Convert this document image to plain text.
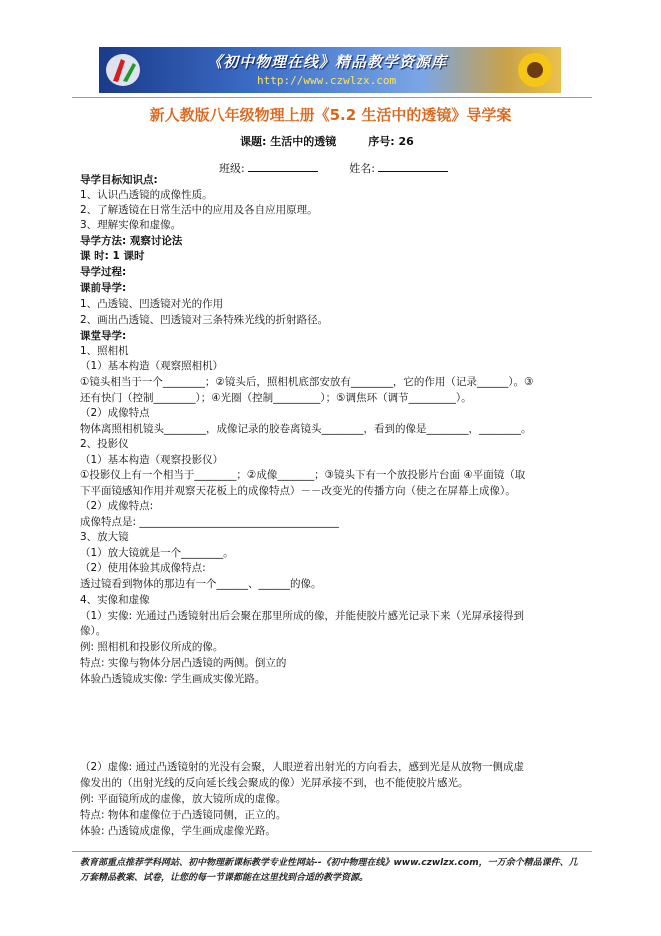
《初中物理在线》精品教学资源库
http://www.czwlzx.com
新人教版八年级物理上册《5.2 生活中的透镜》导学案
课题: 生活中的透镜	序号: 26
班级:	姓名:
导学目标知识点:
1、认识凸透镜的成像性质。
2、了解透镜在日常生活中的应用及各自应用原理。
3、理解实像和虚像。
导学方法: 观察讨论法
课 时: 1 课时
导学过程:
课前导学:
1、凸透镜、凹透镜对光的作用
2、画出凸透镜、凹透镜对三条特殊光线的折射路径。
课堂导学:
1、照相机
（1）基本构造（观察照相机）
①镜头相当于一个________；②镜头后，照相机底部安放有________，它的作用（记录______）。③
还有快门（控制________）；④光圈（控制_________）；⑤调焦环（调节_________）。
（2）成像特点
物体离照相机镜头________，成像记录的胶卷离镜头________，看到的像是________，________。
2、投影仪
（1）基本构造（观察投影仪）
①投影仪上有一个相当于________；②成像_______；③镜头下有一个放投影片台面 ④平面镜（取
下平面镜感知作用并观察天花板上的成像特点）－－改变光的传播方向（使之在屏幕上成像）。
（2）成像特点:
成像特点是: ______________________________________
3、放大镜
（1）放大镜就是一个________。
（2）使用体验其成像特点:
透过镜看到物体的那边有一个______、______的像。
4、实像和虚像
（1）实像: 光通过凸透镜射出后会聚在那里所成的像，并能使胶片感光记录下来（光屏承接得到
像）。
例: 照相机和投影仪所成的像。
特点: 实像与物体分居凸透镜的两侧。倒立的
体验凸透镜成实像: 学生画成实像光路。
（2）虚像: 通过凸透镜射的光没有会聚，人眼逆着出射光的方向看去，感到光是从放物一侧成虚
像发出的（出射光线的反向延长线会聚成的像）光屏承接不到，也不能使胶片感光。
例: 平面镜所成的虚像，放大镜所成的虚像。
特点: 物体和虚像位于凸透镜同侧，正立的。
体验: 凸透镜成虚像，学生画成虚像光路。
教育部重点推荐学科网站、初中物理新课标教学专业性网站--《初中物理在线》www.czwlzx.com，一万余个精品课件、几万套精品教案、试卷，让您的每一节课都能在这里找到合适的教学资源。
